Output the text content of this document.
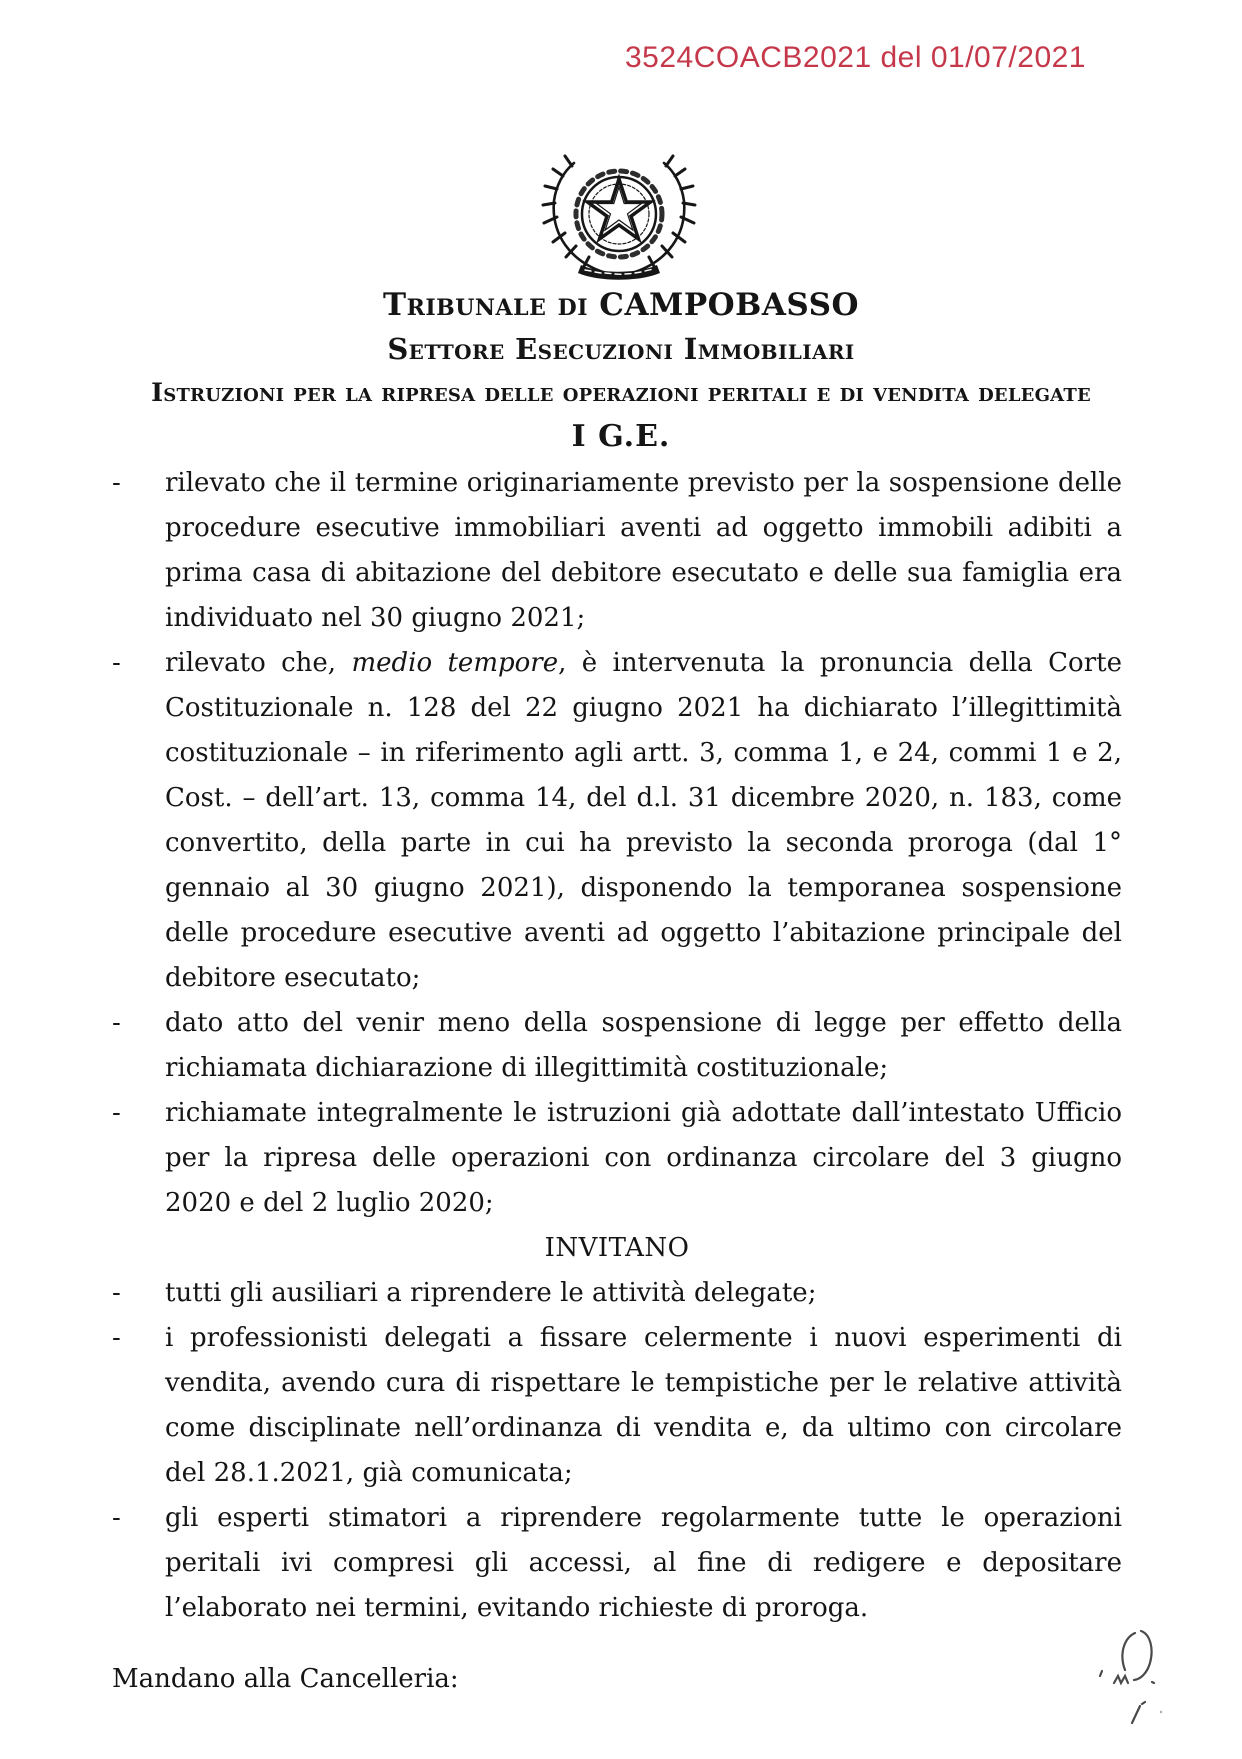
3524COACB2021 del 01/07/2021
Tribunale di CAMPOBASSO
Settore Esecuzioni Immobiliari
Istruzioni per la ripresa delle operazioni peritali e di vendita delegate
I G.E.
-	rilevato che il termine originariamente previsto per la sospensione delle procedure esecutive immobiliari aventi ad oggetto immobili adibiti a prima casa di abitazione del debitore esecutato e delle sua famiglia era individuato nel 30 giugno 2021;

-	rilevato che, medio tempore, è intervenuta la pronuncia della Corte Costituzionale n. 128 del 22 giugno 2021 ha dichiarato l’illegittimità costituzionale – in riferimento agli artt. 3, comma 1, e 24, commi 1 e 2, Cost. – dell’art. 13, comma 14, del d.l. 31 dicembre 2020, n. 183, come convertito, della parte in cui ha previsto la seconda proroga (dal 1° gennaio al 30 giugno 2021), disponendo la temporanea sospensione delle procedure esecutive aventi ad oggetto l’abitazione principale del debitore esecutato;

-	dato atto del venir meno della sospensione di legge per effetto della richiamata dichiarazione di illegittimità costituzionale;

-	richiamate integralmente le istruzioni già adottate dall’intestato Ufficio per la ripresa delle operazioni con ordinanza circolare del 3 giugno 2020 e del 2 luglio 2020;

INVITANO

-	tutti gli ausiliari a riprendere le attività delegate;

-	i professionisti delegati a fissare celermente i nuovi esperimenti di vendita, avendo cura di rispettare le tempistiche per le relative attività come disciplinate nell’ordinanza di vendita e, da ultimo con circolare del 28.1.2021, già comunicata;

-	gli esperti stimatori a riprendere regolarmente tutte le operazioni peritali ivi compresi gli accessi, al fine di redigere e depositare l’elaborato nei termini, evitando richieste di proroga.

Mandano alla Cancelleria:
